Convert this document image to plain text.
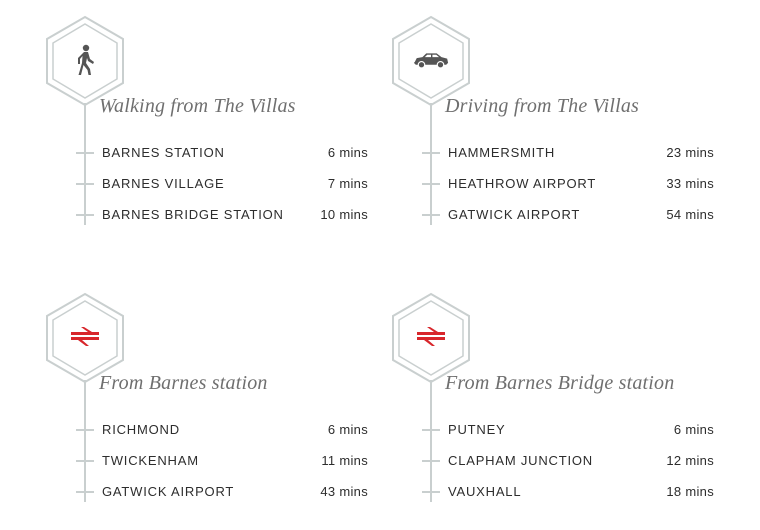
Walking from The Villas
BARNES STATION	6 mins
BARNES VILLAGE	7 mins
BARNES BRIDGE STATION	10 mins
Driving from The Villas
HAMMERSMITH	23 mins
HEATHROW AIRPORT	33 mins
GATWICK AIRPORT	54 mins
From Barnes station
RICHMOND	6 mins
TWICKENHAM	11 mins
GATWICK AIRPORT	43 mins
From Barnes Bridge station
PUTNEY	6 mins
CLAPHAM JUNCTION	12 mins
VAUXHALL	18 mins
